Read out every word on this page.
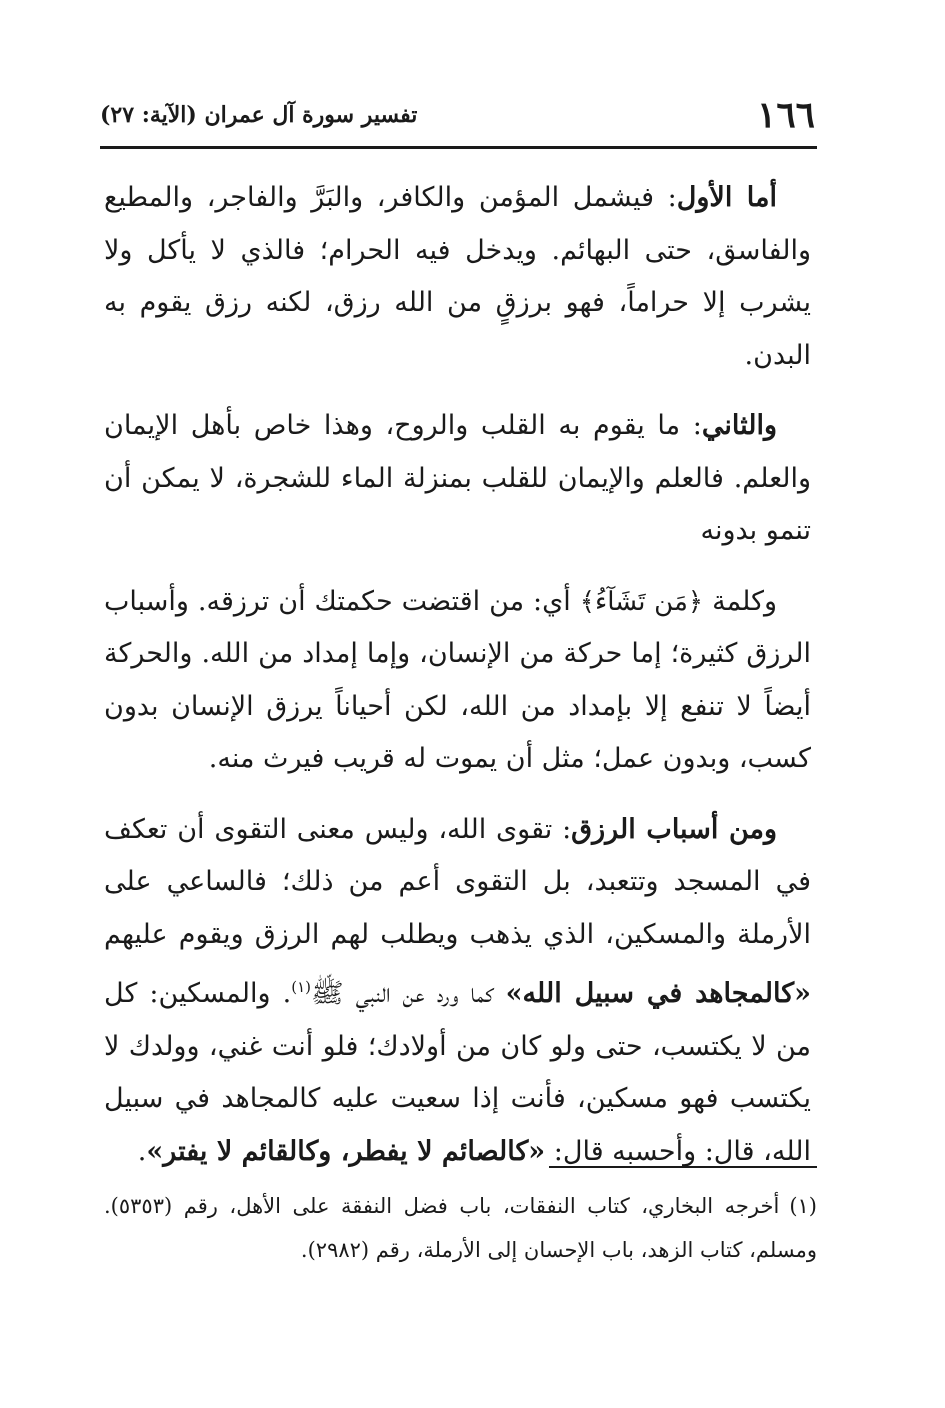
١٦٦
تفسير سورة آل عمران (الآية: ٢٧)

أما الأول: فيشمل المؤمن والكافر، والبَرَّ والفاجر، والمطيع والفاسق، حتى البهائم. ويدخل فيه الحرام؛ فالذي لا يأكل ولا يشرب إلا حراماً، فهو برزقٍ من الله رزق، لكنه رزق يقوم به البدن.

والثاني: ما يقوم به القلب والروح، وهذا خاص بأهل الإيمان والعلم. فالعلم والإيمان للقلب بمنزلة الماء للشجرة، لا يمكن أن تنمو بدونه

وكلمة ﴿مَن تَشَآءُ﴾ أي: من اقتضت حكمتك أن ترزقه. وأسباب الرزق كثيرة؛ إما حركة من الإنسان، وإما إمداد من الله. والحركة أيضاً لا تنفع إلا بإمداد من الله، لكن أحياناً يرزق الإنسان بدون كسب، وبدون عمل؛ مثل أن يموت له قريب فيرث منه.

ومن أسباب الرزق: تقوى الله، وليس معنى التقوى أن تعكف في المسجد وتتعبد، بل التقوى أعم من ذلك؛ فالساعي على الأرملة والمسكين، الذي يذهب ويطلب لهم الرزق ويقوم عليهم «كالمجاهد في سبيل الله» كما ورد عن النبي ﷺ$^{(١)}$. والمسكين: كل من لا يكتسب، حتى ولو كان من أولادك؛ فلو أنت غني، وولدك لا يكتسب فهو مسكين، فأنت إذا سعيت عليه كالمجاهد في سبيل الله، قال: وأحسبه قال: «كالصائم لا يفطر، وكالقائم لا يفتر».

(١)أخرجه البخاري، كتاب النفقات، باب فضل النفقة على الأهل، رقم (٥٣٥٣). ومسلم، كتاب الزهد، باب الإحسان إلى الأرملة، رقم (٢٩٨٢).
